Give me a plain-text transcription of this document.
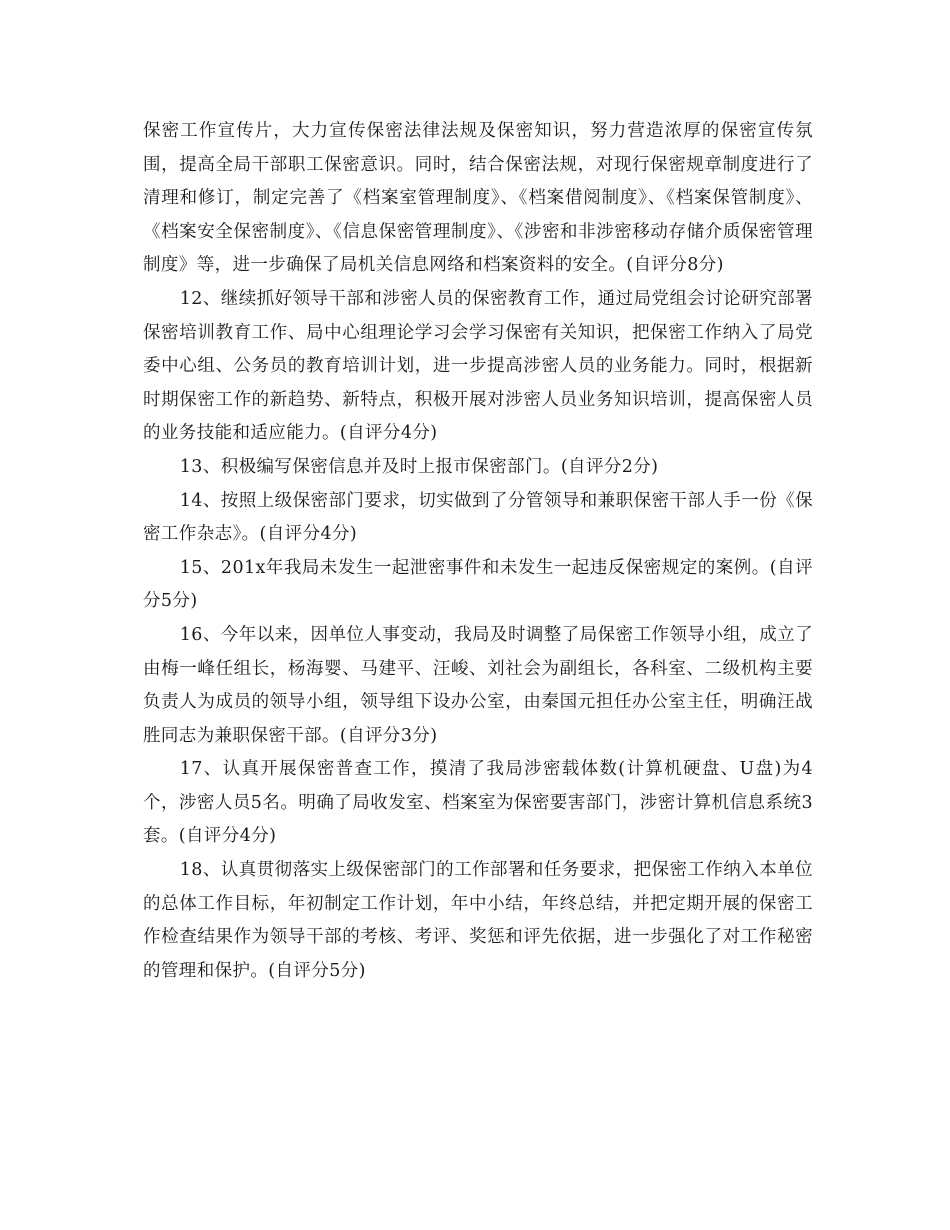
保密工作宣传片，大力宣传保密法律法规及保密知识，努力营造浓厚的保密宣传氛围，提高全局干部职工保密意识。同时，结合保密法规，对现行保密规章制度进行了清理和修订，制定完善了《档案室管理制度》、《档案借阅制度》、《档案保管制度》、《档案安全保密制度》、《信息保密管理制度》、《涉密和非涉密移动存储介质保密管理制度》等，进一步确保了局机关信息网络和档案资料的安全。(自评分8分)

12、继续抓好领导干部和涉密人员的保密教育工作，通过局党组会讨论研究部署保密培训教育工作、局中心组理论学习会学习保密有关知识，把保密工作纳入了局党委中心组、公务员的教育培训计划，进一步提高涉密人员的业务能力。同时，根据新时期保密工作的新趋势、新特点，积极开展对涉密人员业务知识培训，提高保密人员的业务技能和适应能力。(自评分4分)

13、积极编写保密信息并及时上报市保密部门。(自评分2分)

14、按照上级保密部门要求，切实做到了分管领导和兼职保密干部人手一份《保密工作杂志》。(自评分4分)

15、201x年我局未发生一起泄密事件和未发生一起违反保密规定的案例。(自评分5分)

16、今年以来，因单位人事变动，我局及时调整了局保密工作领导小组，成立了由梅一峰任组长，杨海婴、马建平、汪峻、刘社会为副组长，各科室、二级机构主要负责人为成员的领导小组，领导组下设办公室，由秦国元担任办公室主任，明确汪战胜同志为兼职保密干部。(自评分3分)

17、认真开展保密普查工作，摸清了我局涉密载体数(计算机硬盘、U盘)为4个，涉密人员5名。明确了局收发室、档案室为保密要害部门，涉密计算机信息系统3套。(自评分4分)

18、认真贯彻落实上级保密部门的工作部署和任务要求，把保密工作纳入本单位的总体工作目标，年初制定工作计划，年中小结，年终总结，并把定期开展的保密工作检查结果作为领导干部的考核、考评、奖惩和评先依据，进一步强化了对工作秘密的管理和保护。(自评分5分)
